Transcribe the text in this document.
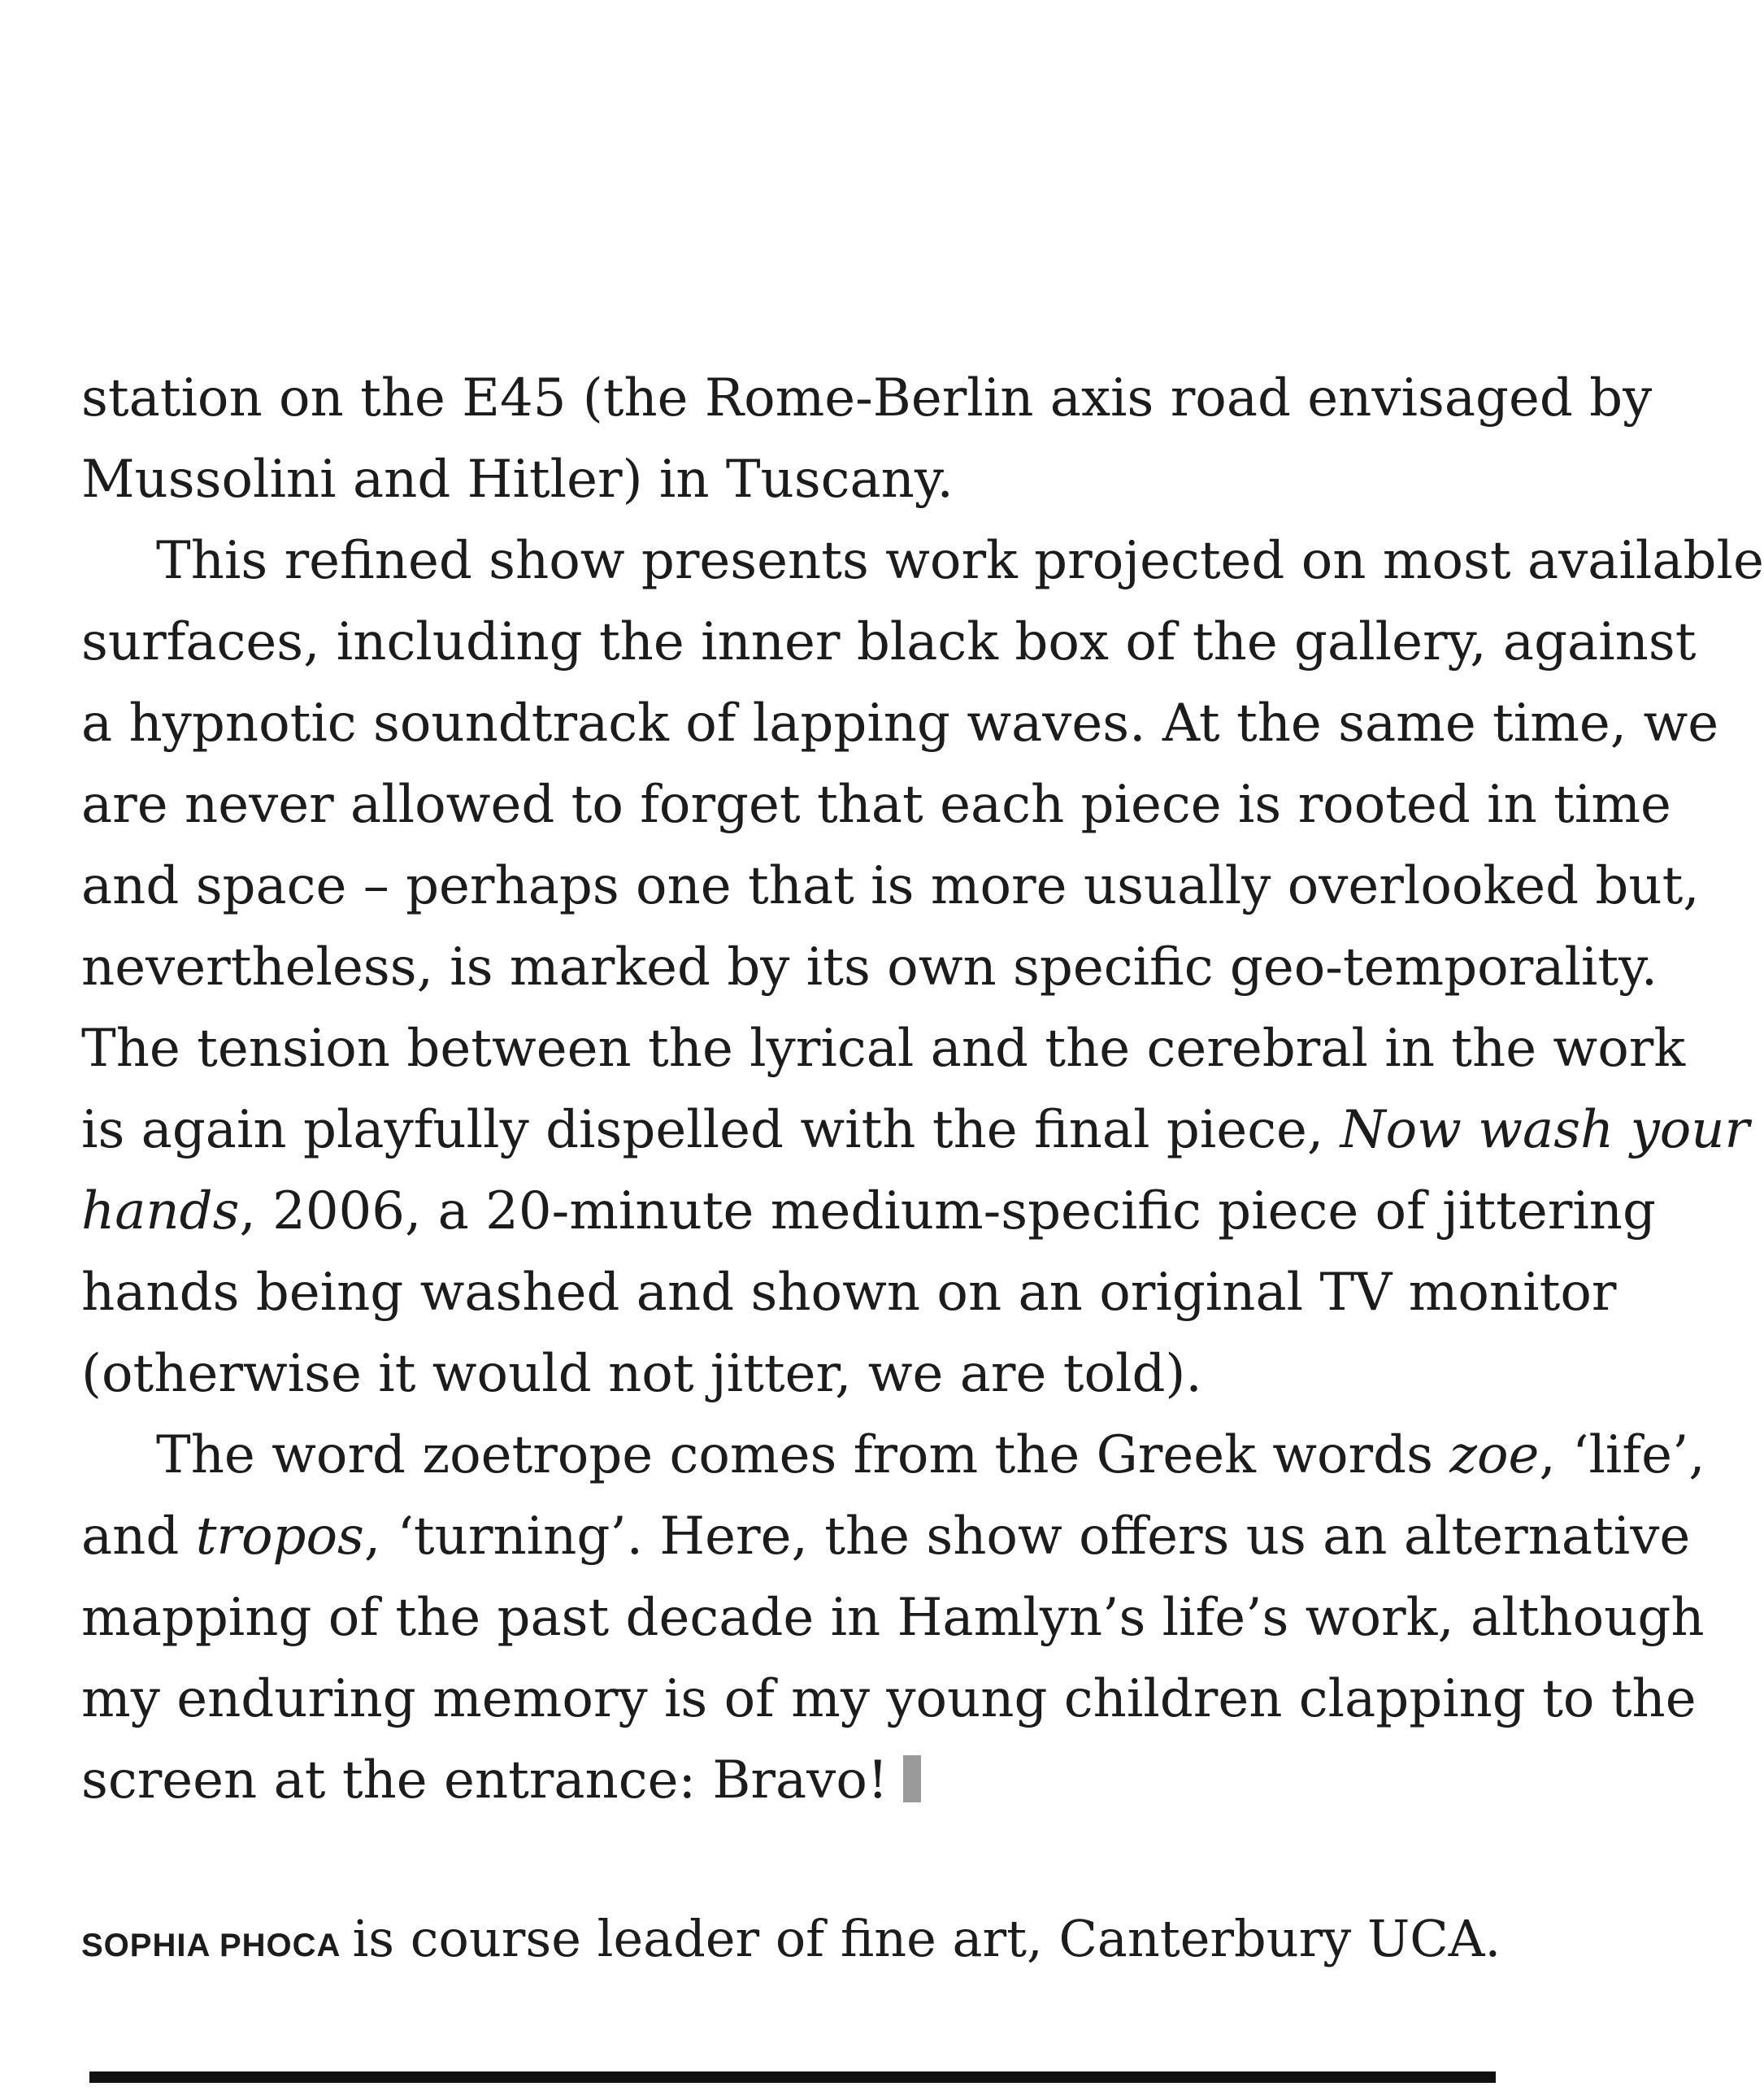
station on the E45 (the Rome-Berlin axis road envisaged by
Mussolini and Hitler) in Tuscany.
This refined show presents work projected on most available
surfaces, including the inner black box of the gallery, against
a hypnotic soundtrack of lapping waves. At the same time, we
are never allowed to forget that each piece is rooted in time
and space – perhaps one that is more usually overlooked but,
nevertheless, is marked by its own specific geo-temporality.
The tension between the lyrical and the cerebral in the work
is again playfully dispelled with the final piece, Now wash your
hands, 2006, a 20-minute medium-specific piece of jittering
hands being washed and shown on an original TV monitor
(otherwise it would not jitter, we are told).
The word zoetrope comes from the Greek words zoe, ‘life’,
and tropos, ‘turning’. Here, the show offers us an alternative
mapping of the past decade in Hamlyn’s life’s work, although
my enduring memory is of my young children clapping to the
screen at the entrance: Bravo!
SOPHIA PHOCA is course leader of fine art, Canterbury UCA.
